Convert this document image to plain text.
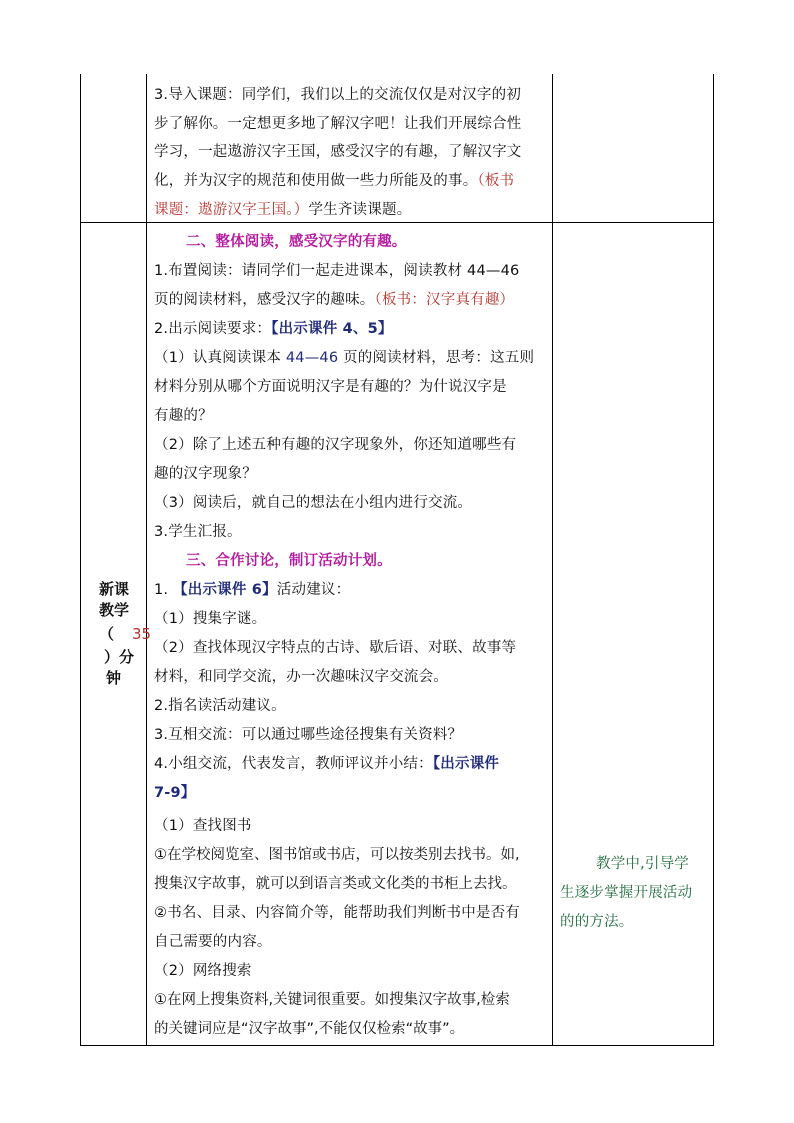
3.导入课题：同学们，我们以上的交流仅仅是对汉字的初
步了解你。一定想更多地了解汉字吧！让我们开展综合性
学习，一起遨游汉字王国，感受汉字的有趣，了解汉字文
化，并为汉字的规范和使用做一些力所能及的事。（板书
课题：遨游汉字王国。）学生齐读课题。
新课
教学
（ 35
）分
钟
二、整体阅读，感受汉字的有趣。
1.布置阅读：请同学们一起走进课本，阅读教材 44—46
页的阅读材料，感受汉字的趣味。（板书：汉字真有趣）
2.出示阅读要求：【出示课件 4、5】
（1）认真阅读课本 44—46 页的阅读材料，思考：这五则
材料分别从哪个方面说明汉字是有趣的？为什说汉字是
有趣的？
（2）除了上述五种有趣的汉字现象外，你还知道哪些有
趣的汉字现象？
（3）阅读后，就自己的想法在小组内进行交流。
3.学生汇报。
三、合作讨论，制订活动计划。
1. 【出示课件 6】活动建议：
（1）搜集字谜。
（2）查找体现汉字特点的古诗、歇后语、对联、故事等
材料，和同学交流，办一次趣味汉字交流会。
2.指名读活动建议。
3.互相交流：可以通过哪些途径搜集有关资料？
4.小组交流，代表发言，教师评议并小结：【出示课件
7-9】
（1）查找图书
①在学校阅览室、图书馆或书店，可以按类别去找书。如,
搜集汉字故事，就可以到语言类或文化类的书柜上去找。
②书名、目录、内容简介等，能帮助我们判断书中是否有
自己需要的内容。
（2）网络搜索
①在网上搜集资料,关键词很重要。如搜集汉字故事,检索
的关键词应是“汉字故事”,不能仅仅检索“故事”。
教学中,引导学
生逐步掌握开展活动
的的方法。
